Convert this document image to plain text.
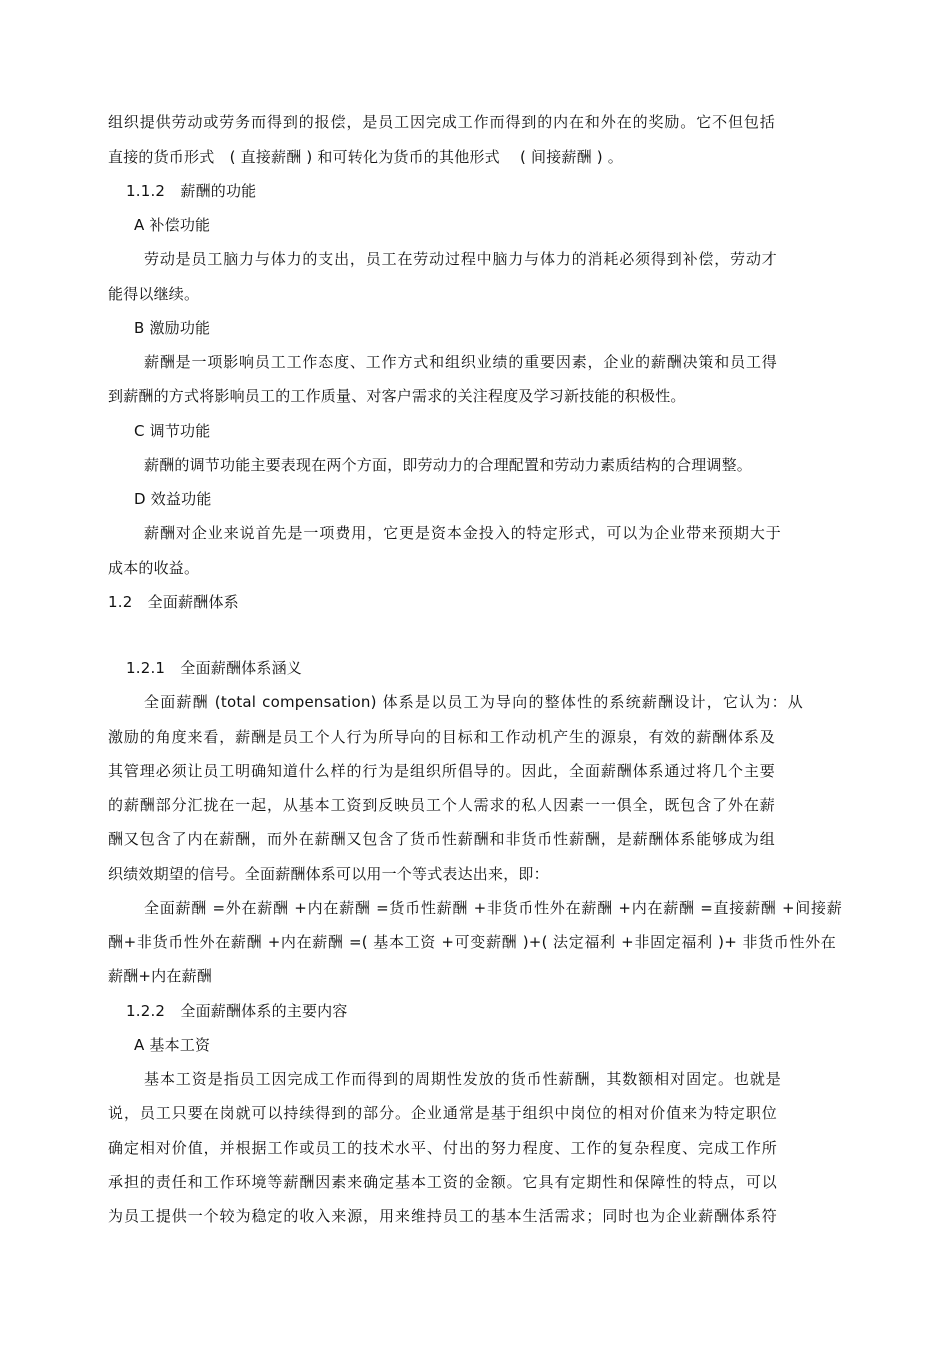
组织提供劳动或劳务而得到的报偿，是员工因完成工作而得到的内在和外在的奖励。它不但包括
直接的货币形式　( 直接薪酬 ) 和可转化为货币的其他形式　 ( 间接薪酬 ) 。
1.1.2　薪酬的功能
A 补偿功能
劳动是员工脑力与体力的支出，员工在劳动过程中脑力与体力的消耗必须得到补偿，劳动才
能得以继续。
B 激励功能
薪酬是一项影响员工工作态度、工作方式和组织业绩的重要因素，企业的薪酬决策和员工得
到薪酬的方式将影响员工的工作质量、对客户需求的关注程度及学习新技能的积极性。
C 调节功能
薪酬的调节功能主要表现在两个方面，即劳动力的合理配置和劳动力素质结构的合理调整。
D 效益功能
薪酬对企业来说首先是一项费用，它更是资本金投入的特定形式，可以为企业带来预期大于
成本的收益。
1.2　全面薪酬体系
1.2.1　全面薪酬体系涵义
全面薪酬 (total compensation) 体系是以员工为导向的整体性的系统薪酬设计，它认为：从
激励的角度来看，薪酬是员工个人行为所导向的目标和工作动机产生的源泉，有效的薪酬体系及
其管理必须让员工明确知道什么样的行为是组织所倡导的。因此，全面薪酬体系通过将几个主要
的薪酬部分汇拢在一起，从基本工资到反映员工个人需求的私人因素一一俱全，既包含了外在薪
酬又包含了内在薪酬，而外在薪酬又包含了货币性薪酬和非货币性薪酬，是薪酬体系能够成为组
织绩效期望的信号。全面薪酬体系可以用一个等式表达出来，即：
全面薪酬 =外在薪酬 +内在薪酬 =货币性薪酬 +非货币性外在薪酬 +内在薪酬 =直接薪酬 +间接薪
酬+非货币性外在薪酬 +内在薪酬 =( 基本工资 +可变薪酬 )+( 法定福利 +非固定福利 )+ 非货币性外在
薪酬+内在薪酬
1.2.2　全面薪酬体系的主要内容
A 基本工资
基本工资是指员工因完成工作而得到的周期性发放的货币性薪酬，其数额相对固定。也就是
说，员工只要在岗就可以持续得到的部分。企业通常是基于组织中岗位的相对价值来为特定职位
确定相对价值，并根据工作或员工的技术水平、付出的努力程度、工作的复杂程度、完成工作所
承担的责任和工作环境等薪酬因素来确定基本工资的金额。它具有定期性和保障性的特点，可以
为员工提供一个较为稳定的收入来源，用来维持员工的基本生活需求；同时也为企业薪酬体系符
